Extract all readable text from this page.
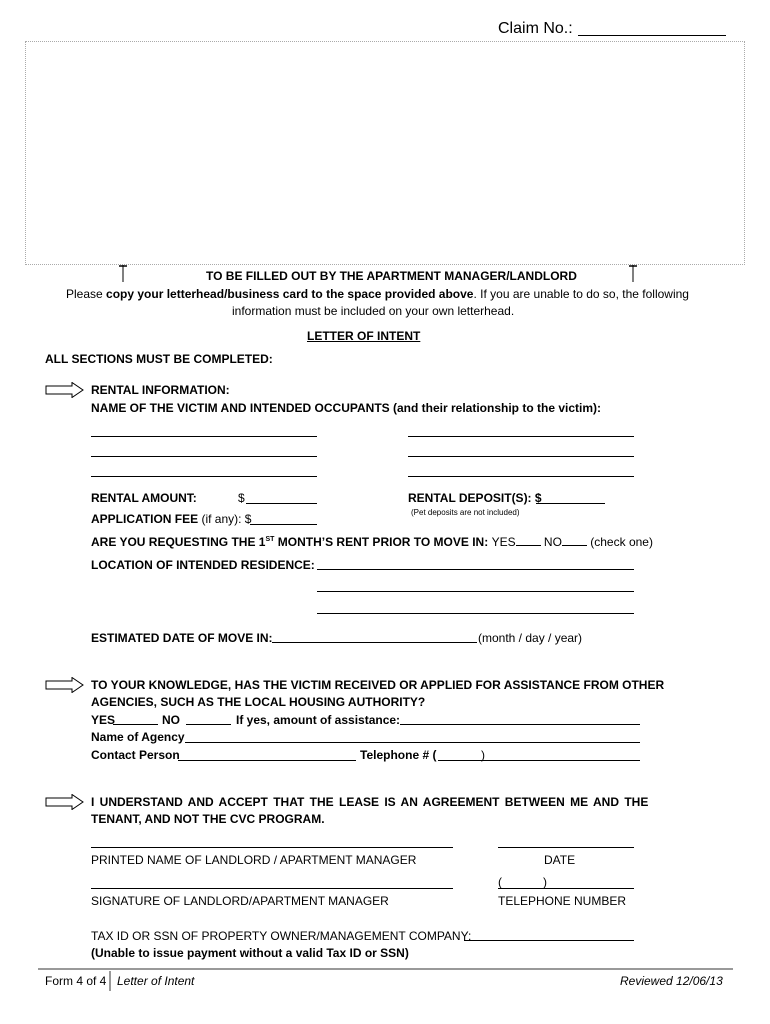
Claim No.:
TO BE FILLED OUT BY THE APARTMENT MANAGER/LANDLORD
Please copy your letterhead/business card to the space provided above. If you are unable to do so, the following
information must be included on your own letterhead.
LETTER OF INTENT
ALL SECTIONS MUST BE COMPLETED:
RENTAL INFORMATION:
NAME OF THE VICTIM AND INTENDED OCCUPANTS (and their relationship to the victim):
RENTAL AMOUNT:	$	RENTAL DEPOSIT(S): $
(Pet deposits are not included)
APPLICATION FEE (if any): $
ARE YOU REQUESTING THE 1ST MONTH’S RENT PRIOR TO MOVE IN: YES NO (check one)
LOCATION OF INTENDED RESIDENCE:
ESTIMATED DATE OF MOVE IN:	(month / day / year)
TO YOUR KNOWLEDGE, HAS THE VICTIM RECEIVED OR APPLIED FOR ASSISTANCE FROM OTHER
AGENCIES, SUCH AS THE LOCAL HOUSING AUTHORITY?
YES	NO	If yes, amount of assistance:
Name of Agency
Contact Person	Telephone # (	)
I UNDERSTAND AND ACCEPT THAT THE LEASE IS AN AGREEMENT BETWEEN ME AND THE
TENANT, AND NOT THE CVC PROGRAM.
PRINTED NAME OF LANDLORD / APARTMENT MANAGER	DATE
(	)
SIGNATURE OF LANDLORD/APARTMENT MANAGER	TELEPHONE NUMBER
TAX ID OR SSN OF PROPERTY OWNER/MANAGEMENT COMPANY:
(Unable to issue payment without a valid Tax ID or SSN)
Form 4 of 4 Letter of Intent	Reviewed 12/06/13
